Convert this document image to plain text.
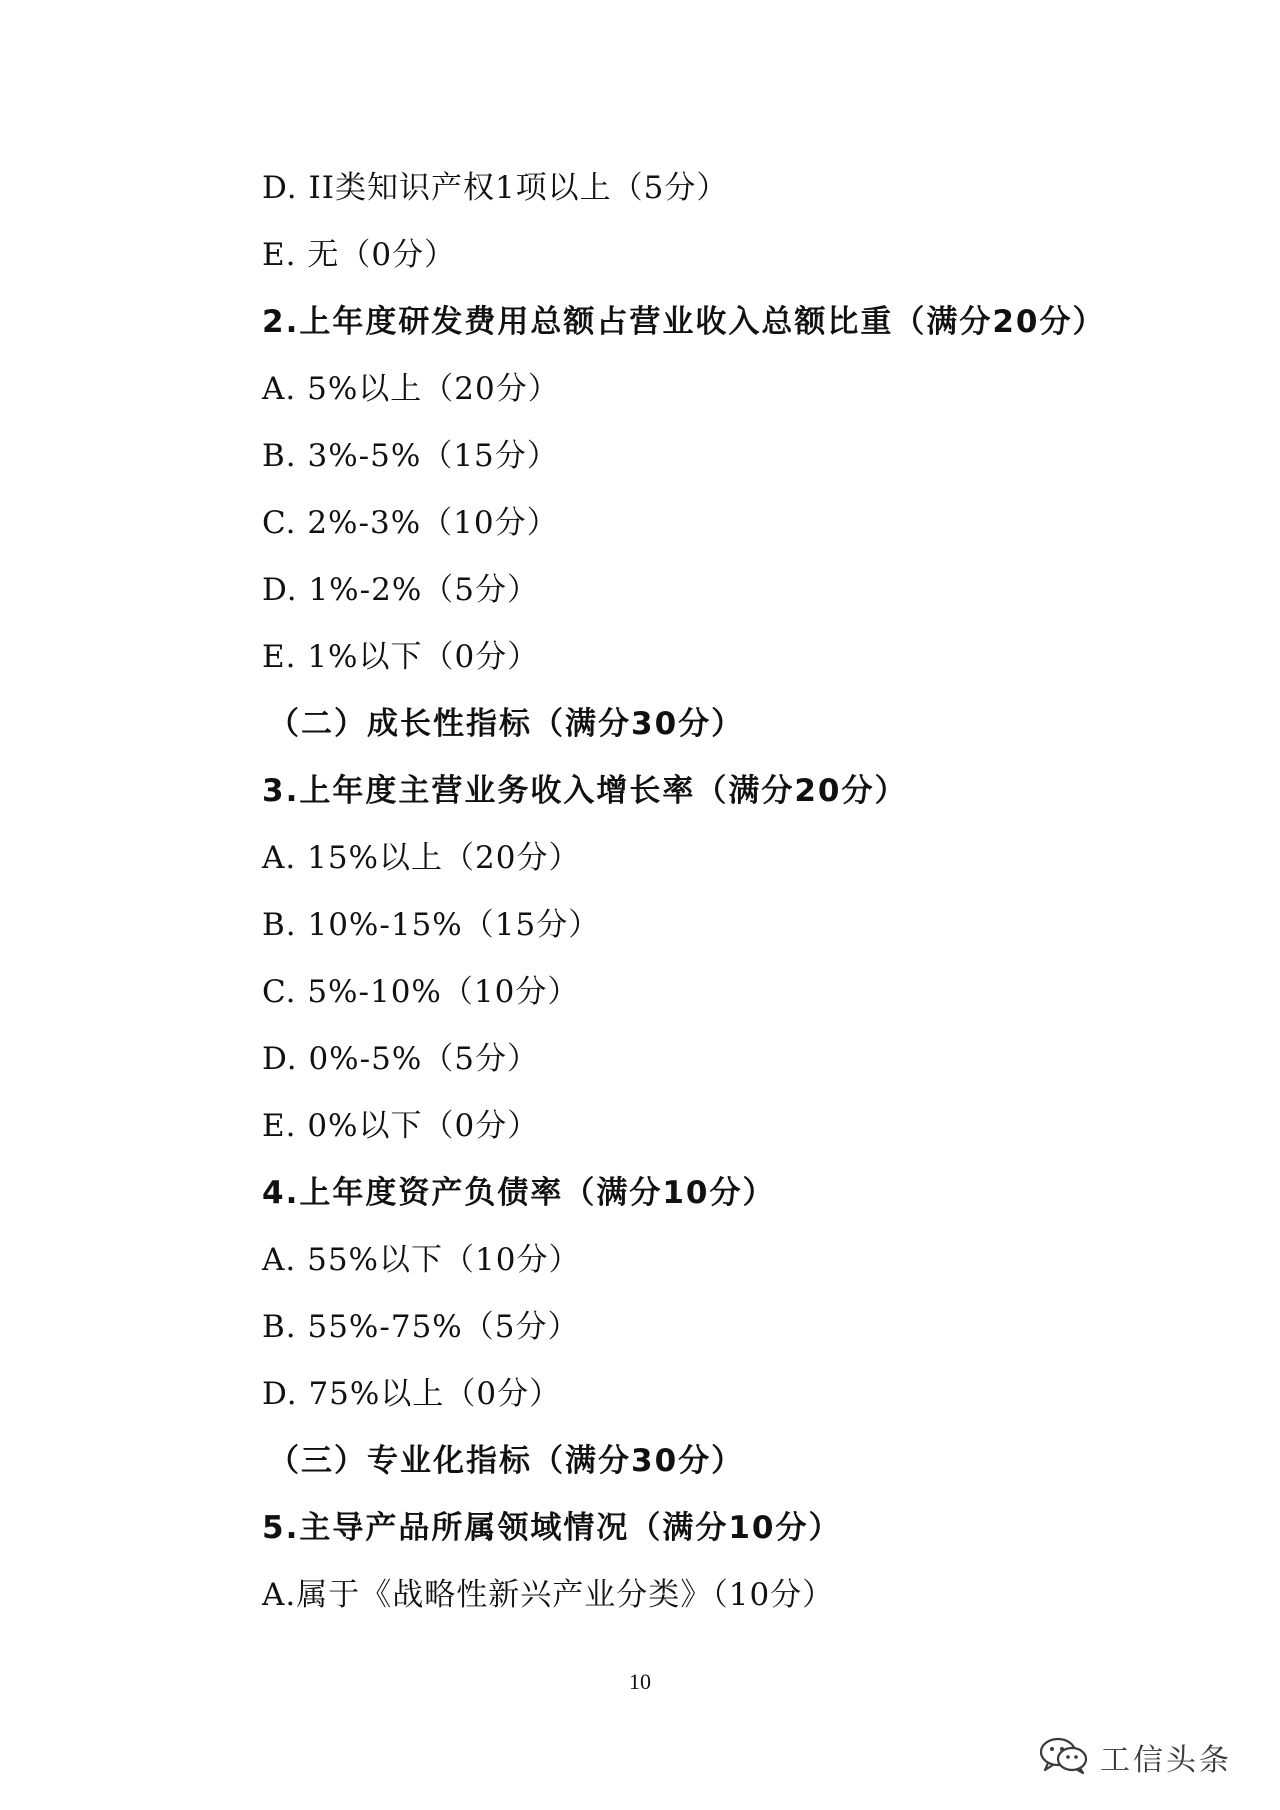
D. II类知识产权1项以上（5分）
E. 无（0分）
2.上年度研发费用总额占营业收入总额比重（满分20分）
A. 5%以上（20分）
B. 3%-5%（15分）
C. 2%-3%（10分）
D. 1%-2%（5分）
E. 1%以下（0分）
（二）成长性指标（满分30分）
3.上年度主营业务收入增长率（满分20分）
A. 15%以上（20分）
B. 10%-15%（15分）
C. 5%-10%（10分）
D. 0%-5%（5分）
E. 0%以下（0分）
4.上年度资产负债率（满分10分）
A. 55%以下（10分）
B. 55%-75%（5分）
D. 75%以上（0分）
（三）专业化指标（满分30分）
5.主导产品所属领域情况（满分10分）
A.属于《战略性新兴产业分类》（10分）
10
工信头条
